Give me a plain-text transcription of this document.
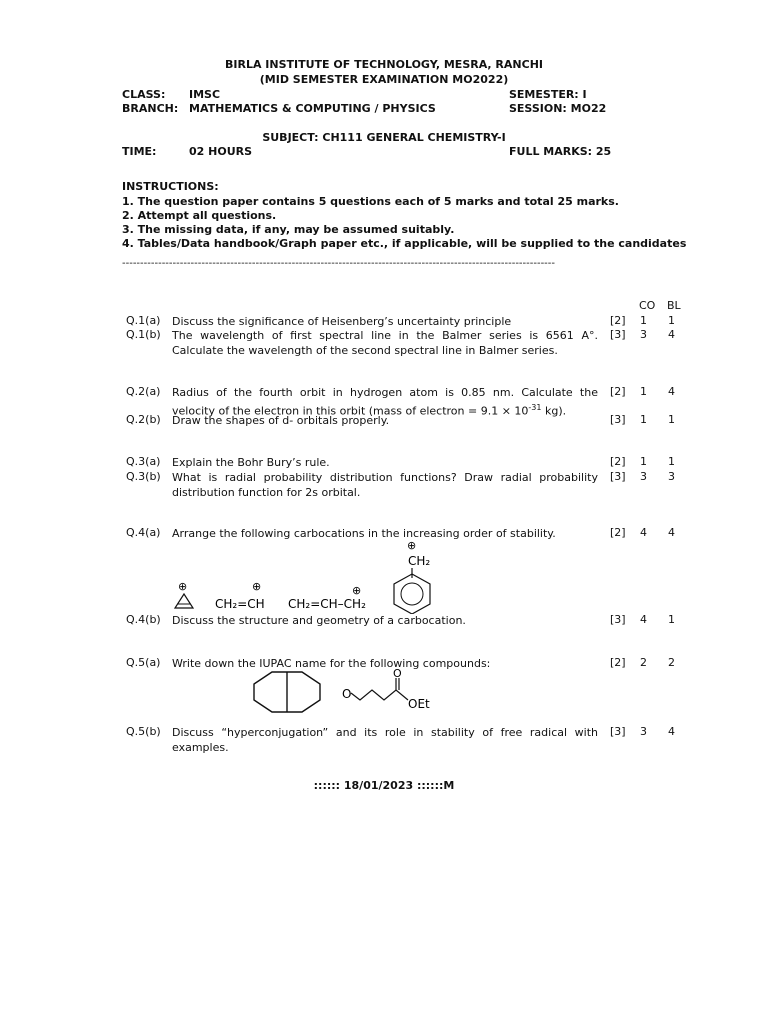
BIRLA INSTITUTE OF TECHNOLOGY, MESRA, RANCHI
(MID SEMESTER EXAMINATION MO2022)
CLASS: IMSC	SEMESTER: I
BRANCH: MATHEMATICS & COMPUTING / PHYSICS	SESSION: MO22
SUBJECT: CH111 GENERAL CHEMISTRY-I
TIME:	02 HOURS	FULL MARKS: 25
INSTRUCTIONS:
1. The question paper contains 5 questions each of 5 marks and total 25 marks.
2. Attempt all questions.
3. The missing data, if any, may be assumed suitably.
4. Tables/Data handbook/Graph paper etc., if applicable, will be supplied to the candidates
------------------------------------------------------------------------------------------------------------------------
CO BL
Q.1(a) Discuss the significance of Heisenberg’s uncertainty principle	[2] 1 1
Q.1(b) The wavelength of first spectral line in the Balmer series is 6561 A°. Calculate the wavelength of the second spectral line in Balmer series.
[3] 3 4
Q.2(a) Radius of the fourth orbit in hydrogen atom is 0.85 nm. Calculate the velocity of the electron in this orbit (mass of electron = $9.1 \times 10^{-31}$ kg).
[2] 1 4
Q.2(b) Draw the shapes of d- orbitals properly.	[3] 1 1
Q.3(a) Explain the Bohr Bury’s rule.	[2] 1 1
Q.3(b) What is radial probability distribution functions? Draw radial probability distribution function for 2s orbital.
[3] 3 3
Q.4(a) Arrange the following carbocations in the increasing order of stability.	[2] 4 4
⊕	⊕
CH₂=CH
⊕
CH₂=CH–CH₂
⊕
CH₂
Q.4(b) Discuss the structure and geometry of a carbocation.	[3] 4 1
Q.5(a) Write down the IUPAC name for the following compounds:	[2] 2 2
O
O
OEt
Q.5(b) Discuss “hyperconjugation” and its role in stability of free radical with examples.
[3] 3 4
:::::: 18/01/2023 ::::::M
